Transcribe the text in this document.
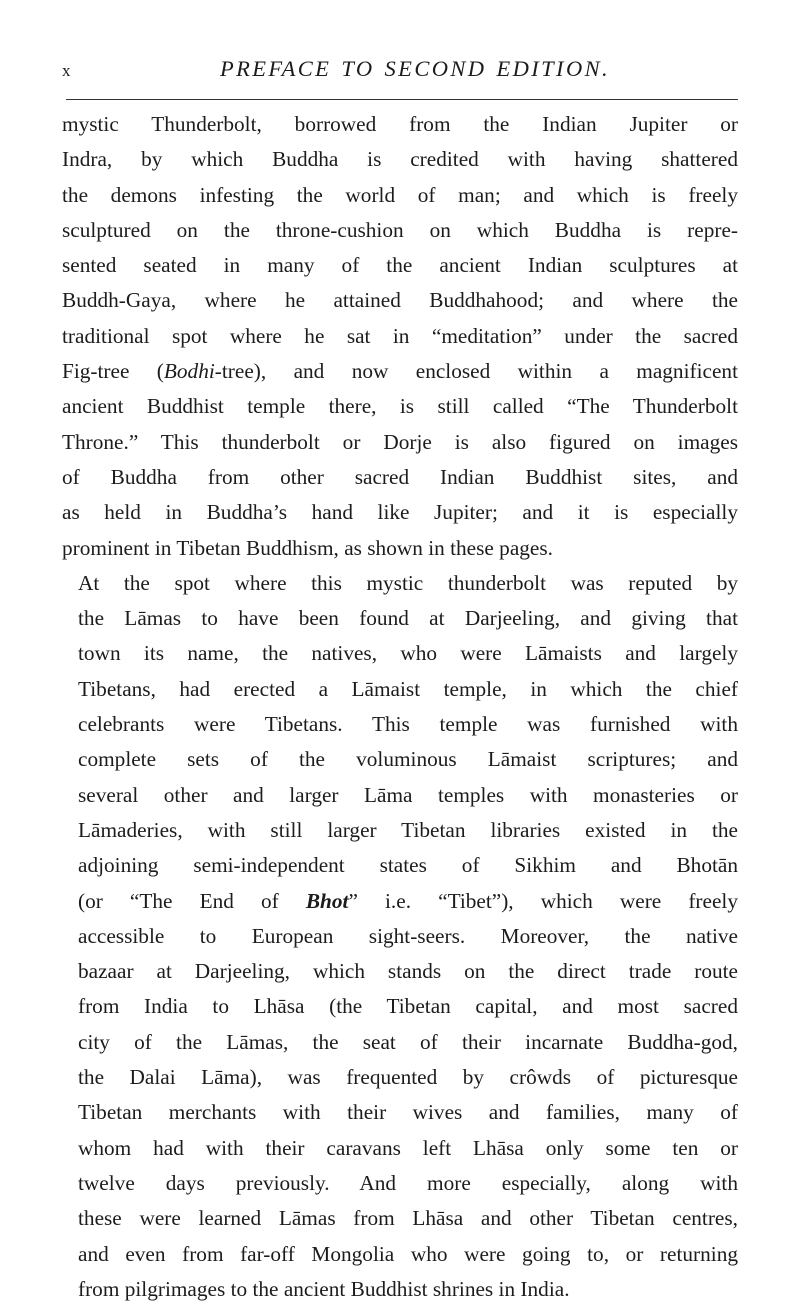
x	PREFACE TO SECOND EDITION.

mystic Thunderbolt, borrowed from the Indian Jupiter or
Indra, by which Buddha is credited with having shattered
the demons infesting the world of man; and which is freely
sculptured on the throne-cushion on which Buddha is repre-
sented seated in many of the ancient Indian sculptures at
Buddh-Gaya, where he attained Buddhahood; and where the
traditional spot where he sat in “meditation” under the sacred
Fig-tree (Bodhi-tree), and now enclosed within a magnificent
ancient Buddhist temple there, is still called “The Thunderbolt
Throne.” This thunderbolt or Dorje is also figured on images
of Buddha from other sacred Indian Buddhist sites, and
as held in Buddha’s hand like Jupiter; and it is especially
prominent in Tibetan Buddhism, as shown in these pages.

At the spot where this mystic thunderbolt was reputed by
the Lāmas to have been found at Darjeeling, and giving that
town its name, the natives, who were Lāmaists and largely
Tibetans, had erected a Lāmaist temple, in which the chief
celebrants were Tibetans. This temple was furnished with
complete sets of the voluminous Lāmaist scriptures; and
several other and larger Lāma temples with monasteries or
Lāmaderies, with still larger Tibetan libraries existed in the
adjoining semi-independent states of Sikhim and Bhotān
(or “The End of Bhot” i.e. “Tibet”), which were freely
accessible to European sight-seers. Moreover, the native
bazaar at Darjeeling, which stands on the direct trade route
from India to Lhāsa (the Tibetan capital, and most sacred
city of the Lāmas, the seat of their incarnate Buddha-god,
the Dalai Lāma), was frequented by crôwds of picturesque
Tibetan merchants with their wives and families, many of
whom had with their caravans left Lhāsa only some ten or
twelve days previously. And more especially, along with
these were learned Lāmas from Lhāsa and other Tibetan centres,
and even from far-off Mongolia who were going to, or returning
from pilgrimages to the ancient Buddhist shrines in India.
